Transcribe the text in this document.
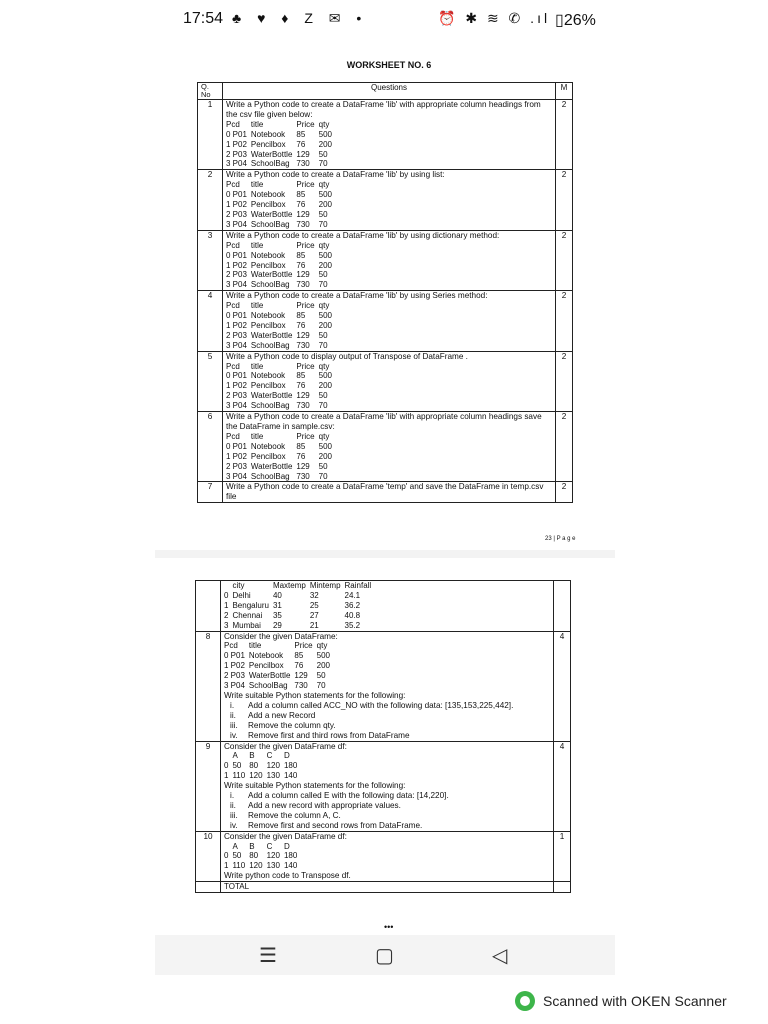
17:54 ♣ ♥ ♦ Z ✉ •	⏰ ✱ ≋ ✆ .ıl ▯26%
WORKSHEET NO. 6
Q.
No	Questions	M
1	Write a Python code to create a DataFrame 'lib' with appropriate column headings from the csv file given below:
Pcd	title	Price	qty
0 P01	Notebook	85	500
1 P02	Pencilbox	76	200
2 P03	WaterBottle	129	50
3 P04	SchoolBag	730	70
	2
2	Write a Python code to create a DataFrame 'lib' by using list:
Pcd	title	Price	qty
0 P01	Notebook	85	500
1 P02	Pencilbox	76	200
2 P03	WaterBottle	129	50
3 P04	SchoolBag	730	70
	2
3	Write a Python code to create a DataFrame 'lib' by using dictionary method:
Pcd	title	Price	qty
0 P01	Notebook	85	500
1 P02	Pencilbox	76	200
2 P03	WaterBottle	129	50
3 P04	SchoolBag	730	70
	2
4	Write a Python code to create a DataFrame 'lib' by using Series method:
Pcd	title	Price	qty
0 P01	Notebook	85	500
1 P02	Pencilbox	76	200
2 P03	WaterBottle	129	50
3 P04	SchoolBag	730	70
	2
5	Write a Python code to display output of Transpose of DataFrame .
Pcd	title	Price	qty
0 P01	Notebook	85	500
1 P02	Pencilbox	76	200
2 P03	WaterBottle	129	50
3 P04	SchoolBag	730	70
	2
6	Write a Python code to create a DataFrame 'lib' with appropriate column headings save the DataFrame in sample.csv:
Pcd	title	Price	qty
0 P01	Notebook	85	500
1 P02	Pencilbox	76	200
2 P03	WaterBottle	129	50
3 P04	SchoolBag	730	70
	2
7	Write a Python code to create a DataFrame 'temp' and save the DataFrame in temp.csv file
	2
23 | P a g e

	city	Maxtemp	Mintemp	Rainfall
0	Delhi	40	32	24.1
1	Bengaluru	31	25	36.2
2	Chennai	35	27	40.8
3	Mumbai	29	21	35.2

8	Consider the given DataFrame:
Pcd	title	Price	qty
0 P01	Notebook	85	500
1 P02	Pencilbox	76	200
2 P03	WaterBottle	129	50
3 P04	SchoolBag	730	70
Write suitable Python statements for the following:
i. Add a column called ACC_NO with the following data: [135,153,225,442].
ii. Add a new Record
iii. Remove the column qty.
iv. Remove first and third rows from DataFrame
	4
9	Consider the given DataFrame df:
	A	B	C	D
0	50	80	120	180
1	110	120	130	140
Write suitable Python statements for the following:
i. Add a column called E with the following data: [14,220].
ii. Add a new record with appropriate values.
iii. Remove the column A, C.
iv. Remove first and second rows from DataFrame.
	4
10	Consider the given DataFrame df:
	A	B	C	D
0	50	80	120	180
1	110	120	130	140
Write python code to Transpose df.
	1
	TOTAL	
•••
☰	▢	◁
Scanned with OKEN Scanner
